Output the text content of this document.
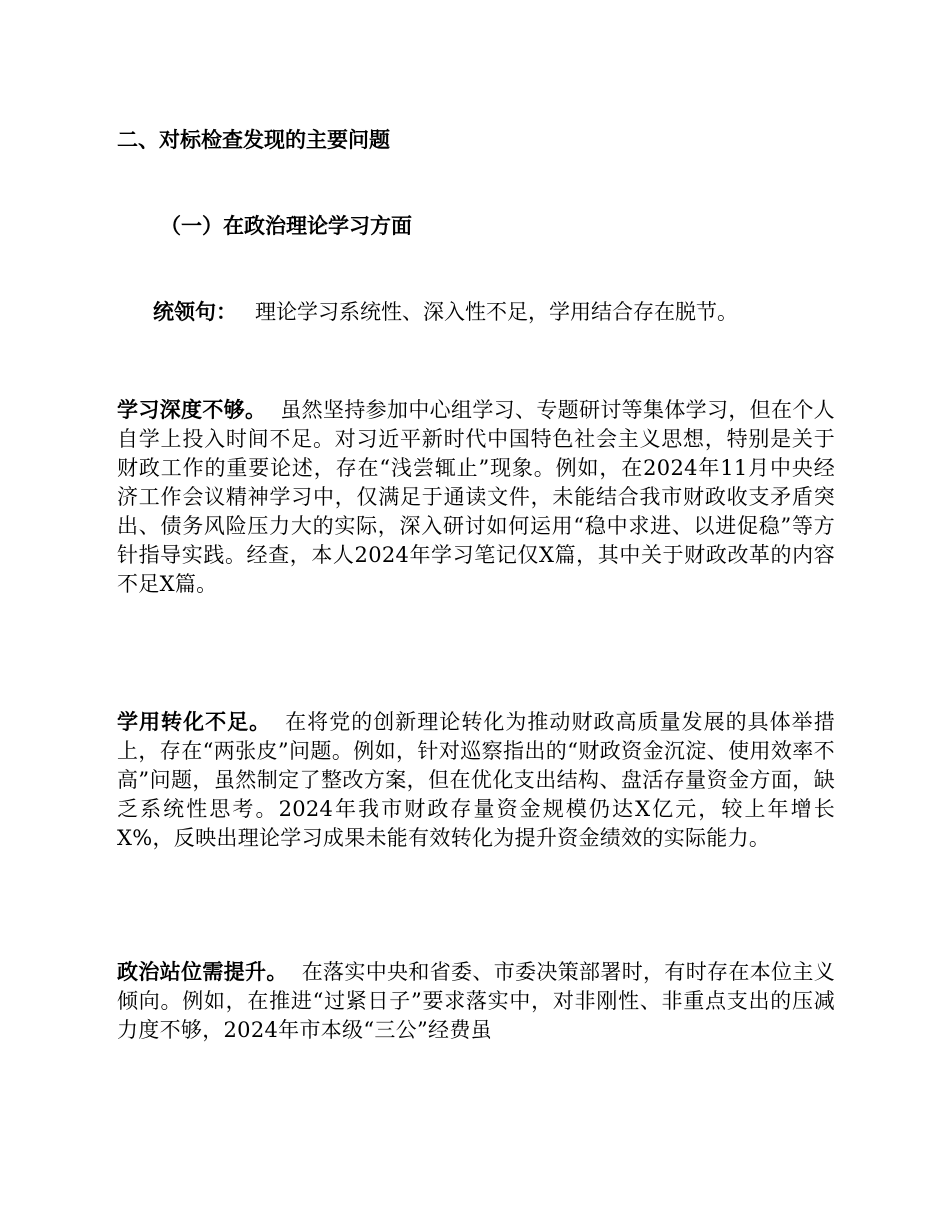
二、对标检查发现的主要问题
（一）在政治理论学习方面
统领句： 理论学习系统性、深入性不足，学用结合存在脱节。
学习深度不够。 虽然坚持参加中心组学习、专题研讨等集体学习，但在个人自学上投入时间不足。对习近平新时代中国特色社会主义思想，特别是关于财政工作的重要论述，存在“浅尝辄止”现象。例如，在2024年11月中央经济工作会议精神学习中，仅满足于通读文件，未能结合我市财政收支矛盾突出、债务风险压力大的实际，深入研讨如何运用“稳中求进、以进促稳”等方针指导实践。经查，本人2024年学习笔记仅X篇，其中关于财政改革的内容不足X篇。
学用转化不足。 在将党的创新理论转化为推动财政高质量发展的具体举措上，存在“两张皮”问题。例如，针对巡察指出的“财政资金沉淀、使用效率不高”问题，虽然制定了整改方案，但在优化支出结构、盘活存量资金方面，缺乏系统性思考。2024年我市财政存量资金规模仍达X亿元，较上年增长X%，反映出理论学习成果未能有效转化为提升资金绩效的实际能力。
政治站位需提升。 在落实中央和省委、市委决策部署时，有时存在本位主义倾向。例如，在推进“过紧日子”要求落实中，对非刚性、非重点支出的压减力度不够，2024年市本级“三公”经费虽
